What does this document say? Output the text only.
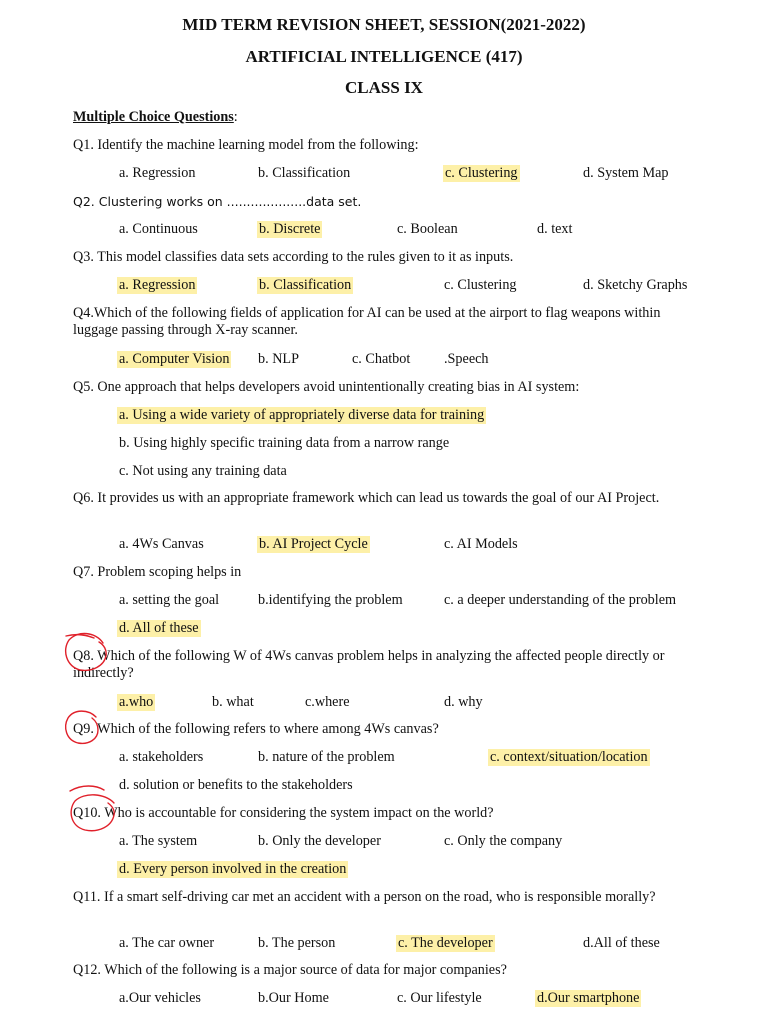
MID TERM REVISION SHEET, SESSION(2021-2022)
ARTIFICIAL INTELLIGENCE (417)
CLASS IX
Multiple Choice Questions:
Q1. Identify the machine learning model from the following:
a. Regression	b. Classification	c. Clustering	d. System Map
Q2. Clustering works on ....................data set.
a. Continuous	b. Discrete	c. Boolean	d. text
Q3. This model classifies data sets according to the rules given to it as inputs.
a. Regression	b. Classification	c. Clustering	d. Sketchy Graphs
Q4.Which of the following fields of application for AI can be used at the airport to flag weapons within luggage passing through X-ray scanner.
a. Computer Vision b. NLP	c. Chatbot .Speech
Q5. One approach that helps developers avoid unintentionally creating bias in AI system:
a. Using a wide variety of appropriately diverse data for training
b. Using highly specific training data from a narrow range
c. Not using any training data
Q6. It provides us with an appropriate framework which can lead us towards the goal of our AI Project.
a. 4Ws Canvas	b. AI Project Cycle	c. AI Models
Q7. Problem scoping helps in
a. setting the goal	b.identifying the problem	c. a deeper understanding of the problem
d. All of these
Q8. Which of the following W of 4Ws canvas problem helps in analyzing the affected people directly or indirectly?
a.who	b. what	c.where	d. why
Q9. Which of the following refers to where among 4Ws canvas?
a. stakeholders	b. nature of the problem	c. context/situation/location
d. solution or benefits to the stakeholders
Q10. Who is accountable for considering the system impact on the world?
a. The system	b. Only the developer	c. Only the company
d. Every person involved in the creation
Q11. If a smart self-driving car met an accident with a person on the road, who is responsible morally?
a. The car owner	b. The person	c. The developer	d.All of these
Q12. Which of the following is a major source of data for major companies?
a.Our vehicles	b.Our Home	c. Our lifestyle	d.Our smartphone
